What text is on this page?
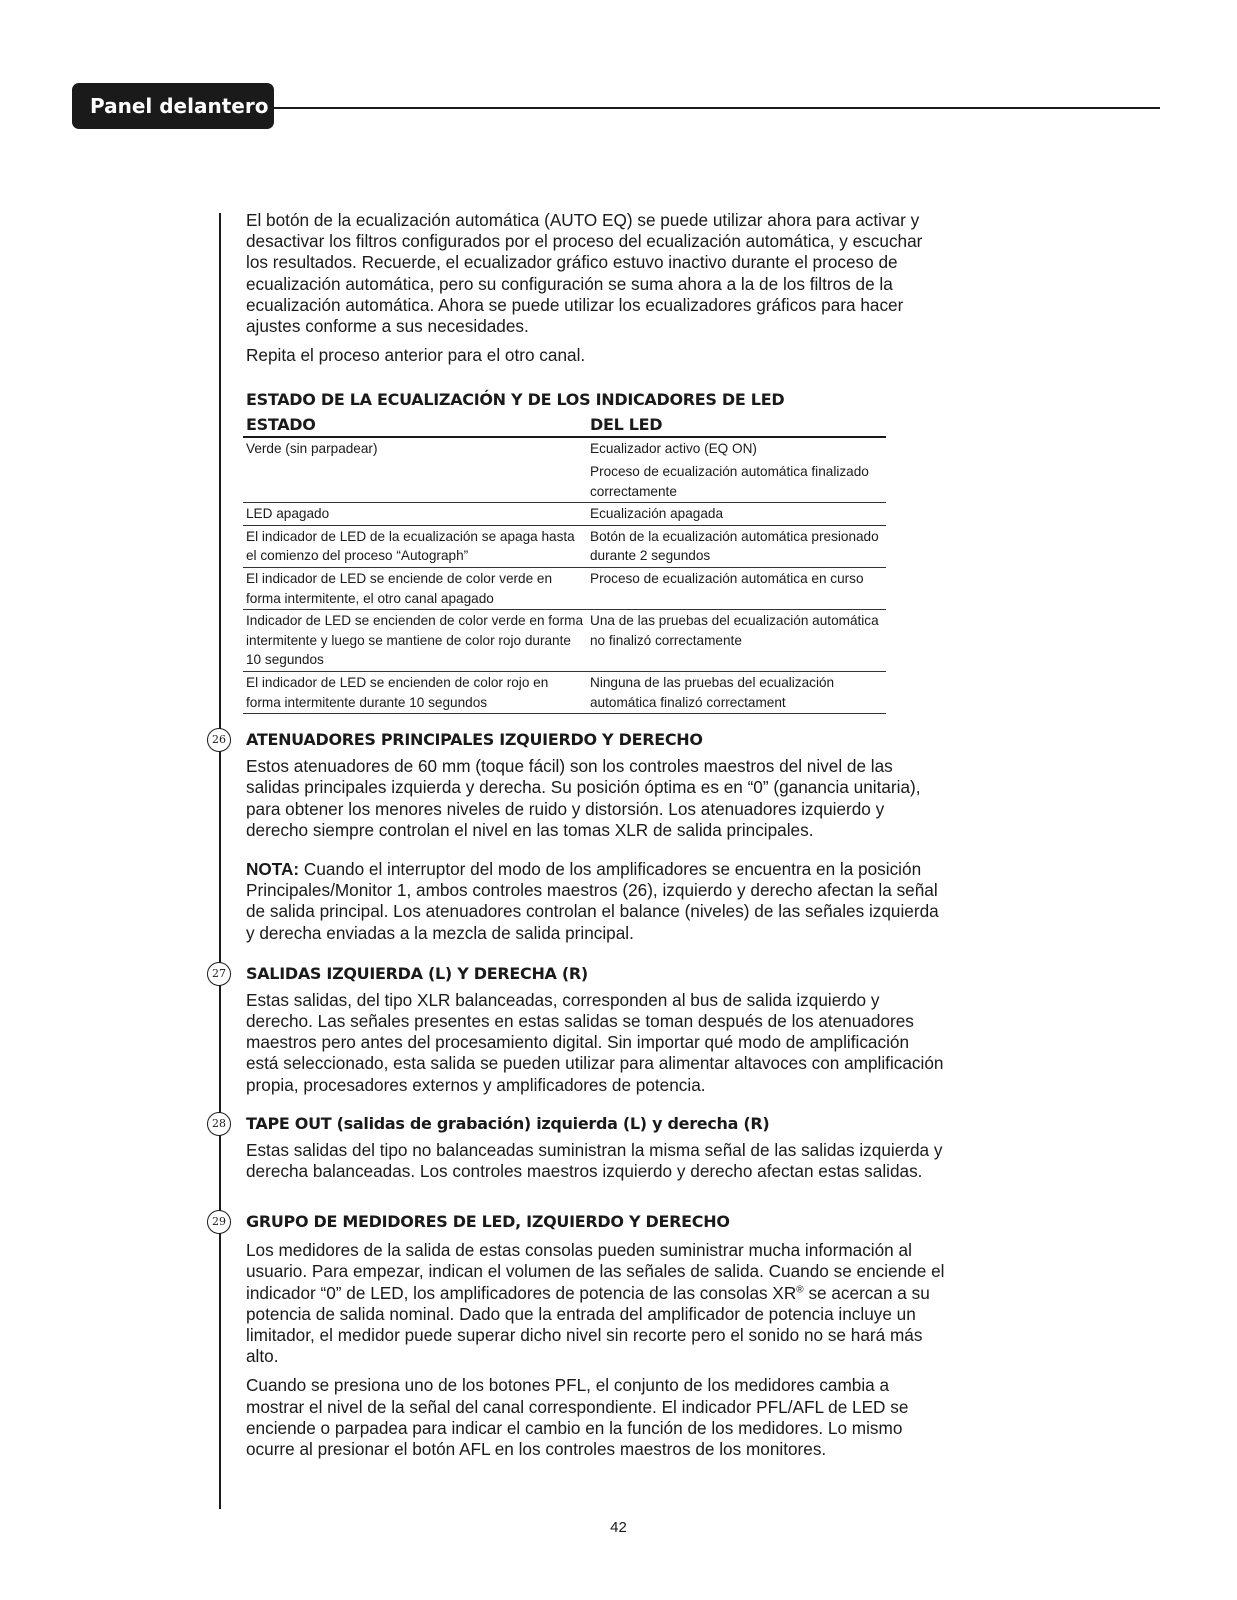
Panel delantero

El botón de la ecualización automática (AUTO EQ) se puede utilizar ahora para activar y desactivar los filtros configurados por el proceso del ecualización automática, y escuchar los resultados. Recuerde, el ecualizador gráfico estuvo inactivo durante el proceso de ecualización automática, pero su configuración se suma ahora a la de los filtros de la ecualización automática. Ahora se puede utilizar los ecualizadores gráficos para hacer ajustes conforme a sus necesidades.

Repita el proceso anterior para el otro canal.

ESTADO DE LA ECUALIZACIÓN Y DE LOS INDICADORES DE LED
ESTADO	DEL LED
Verde (sin parpadear)	Ecualizador activo (EQ ON)
Proceso de ecualización automática finalizado correctamente

LED apagado	Ecualización apagada
El indicador de LED de la ecualización se apaga hasta el comienzo del proceso “Autograph”	Botón de la ecualización automática presionado durante 2 segundos
El indicador de LED se enciende de color verde en forma intermitente, el otro canal apagado	Proceso de ecualización automática en curso
Indicador de LED se encienden de color verde en forma intermitente y luego se mantiene de color rojo durante 10 segundos	Una de las pruebas del ecualización automática no finalizó correctamente
El indicador de LED se encienden de color rojo en forma intermitente durante 10 segundos	Ninguna de las pruebas del ecualización automática finalizó correctament
26	ATENUADORES PRINCIPALES IZQUIERDO Y DERECHO

Estos atenuadores de 60 mm (toque fácil) son los controles maestros del nivel de las salidas principales izquierda y derecha. Su posición óptima es en “0” (ganancia unitaria), para obtener los menores niveles de ruido y distorsión. Los atenuadores izquierdo y derecho siempre controlan el nivel en las tomas XLR de salida principales.

NOTA: Cuando el interruptor del modo de los amplificadores se encuentra en la posición Principales/Monitor 1, ambos controles maestros (26), izquierdo y derecho afectan la señal de salida principal. Los atenuadores controlan el balance (niveles) de las señales izquierda y derecha enviadas a la mezcla de salida principal.

27	SALIDAS IZQUIERDA (L) Y DERECHA (R)

Estas salidas, del tipo XLR balanceadas, corresponden al bus de salida izquierdo y derecho. Las señales presentes en estas salidas se toman después de los atenuadores maestros pero antes del procesamiento digital. Sin importar qué modo de amplificación está seleccionado, esta salida se pueden utilizar para alimentar altavoces con amplificación propia, procesadores externos y amplificadores de potencia.

28	TAPE OUT (salidas de grabación) izquierda (L) y derecha (R)

Estas salidas del tipo no balanceadas suministran la misma señal de las salidas izquierda y derecha balanceadas. Los controles maestros izquierdo y derecho afectan estas salidas.

29	GRUPO DE MEDIDORES DE LED, IZQUIERDO Y DERECHO

Los medidores de la salida de estas consolas pueden suministrar mucha información al usuario. Para empezar, indican el volumen de las señales de salida. Cuando se enciende el indicador “0” de LED, los amplificadores de potencia de las consolas XR® se acercan a su potencia de salida nominal. Dado que la entrada del amplificador de potencia incluye un limitador, el medidor puede superar dicho nivel sin recorte pero el sonido no se hará más alto.

Cuando se presiona uno de los botones PFL, el conjunto de los medidores cambia a mostrar el nivel de la señal del canal correspondiente. El indicador PFL/AFL de LED se enciende o parpadea para indicar el cambio en la función de los medidores. Lo mismo ocurre al presionar el botón AFL en los controles maestros de los monitores.

42
